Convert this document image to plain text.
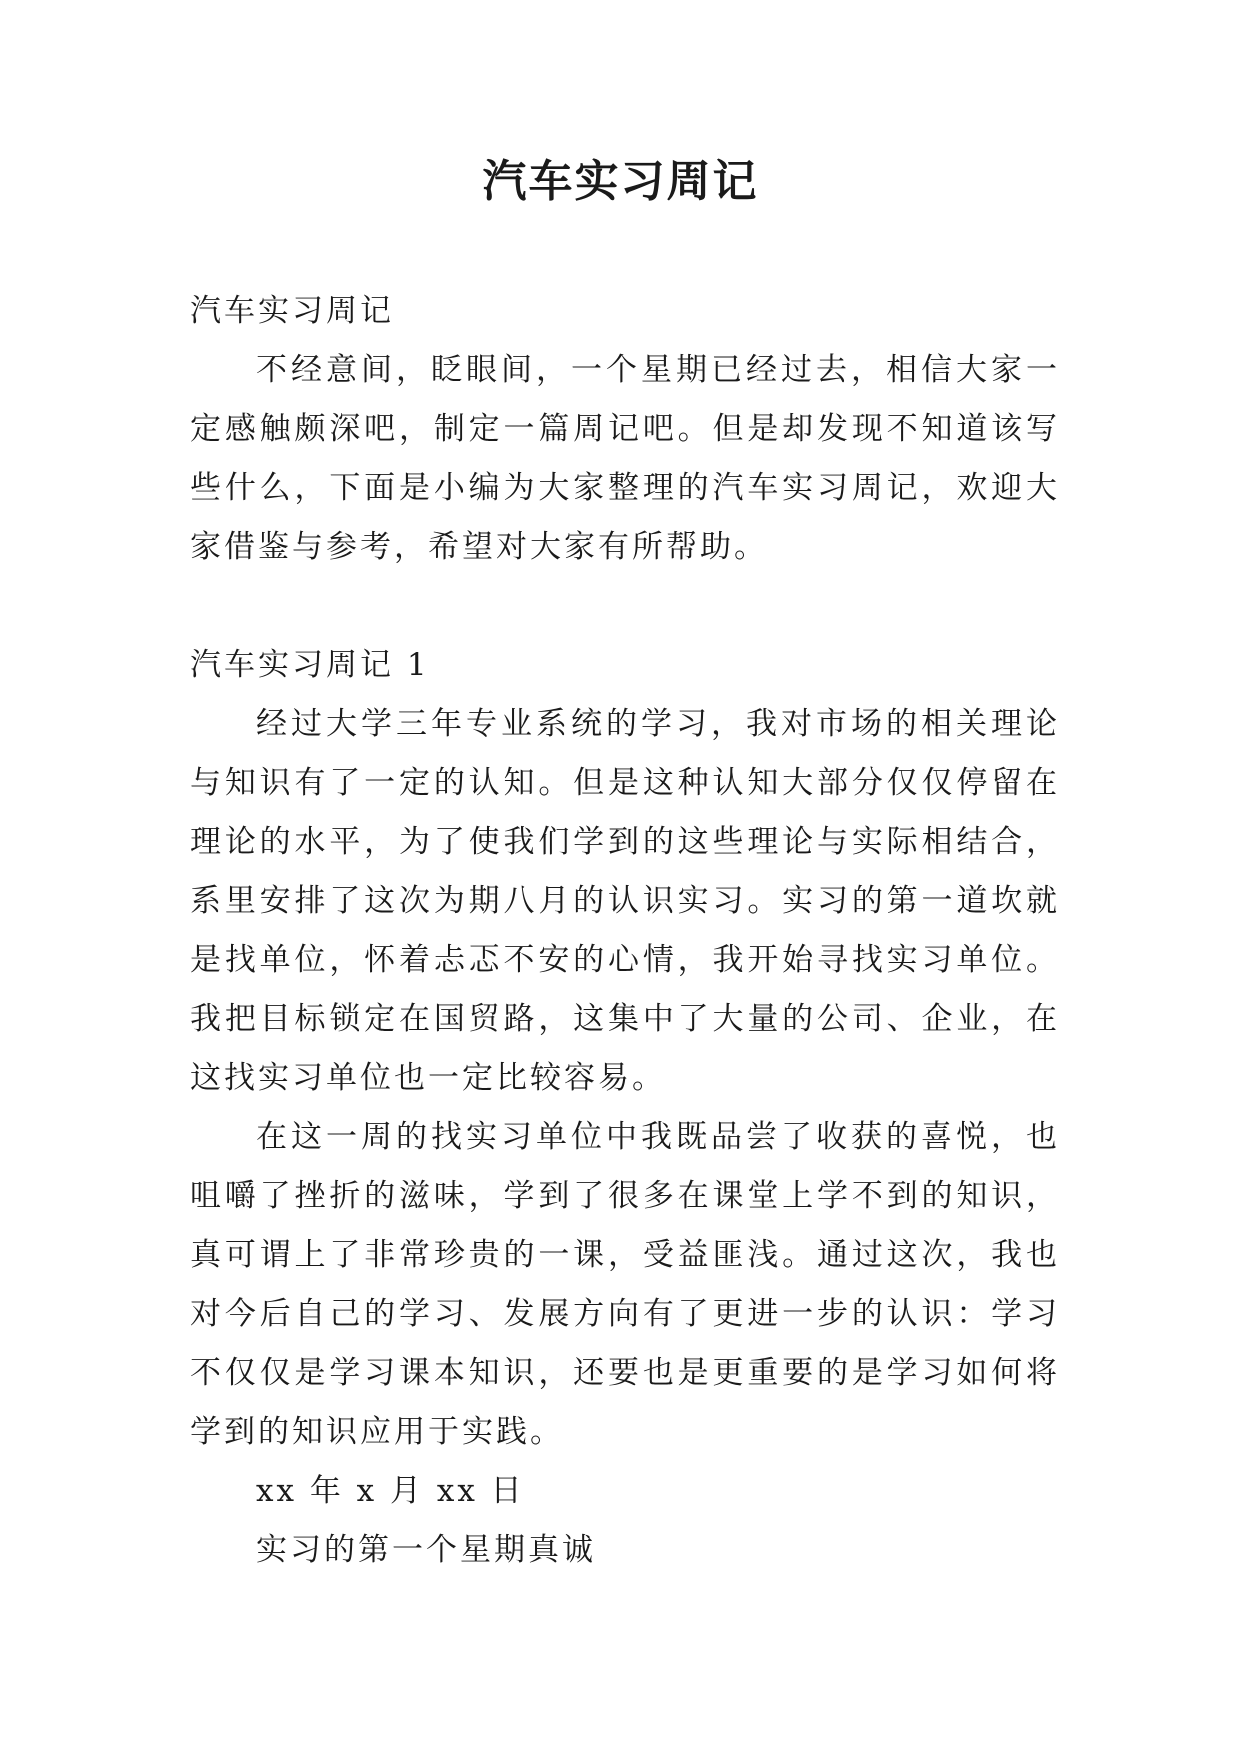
汽车实习周记

汽车实习周记

不经意间，眨眼间，一个星期已经过去，相信大家一定感触颇深吧，制定一篇周记吧。但是却发现不知道该写些什么，下面是小编为大家整理的汽车实习周记，欢迎大家借鉴与参考，希望对大家有所帮助。

汽车实习周记 1

经过大学三年专业系统的学习，我对市场的相关理论与知识有了一定的认知。但是这种认知大部分仅仅停留在理论的水平，为了使我们学到的这些理论与实际相结合，系里安排了这次为期八月的认识实习。实习的第一道坎就是找单位，怀着忐忑不安的心情，我开始寻找实习单位。我把目标锁定在国贸路，这集中了大量的公司、企业，在这找实习单位也一定比较容易。

在这一周的找实习单位中我既品尝了收获的喜悦，也咀嚼了挫折的滋味，学到了很多在课堂上学不到的知识，真可谓上了非常珍贵的一课，受益匪浅。通过这次，我也对今后自己的学习、发展方向有了更进一步的认识：学习不仅仅是学习课本知识，还要也是更重要的是学习如何将学到的知识应用于实践。

xx 年 x 月 xx 日

实习的第一个星期真诚
